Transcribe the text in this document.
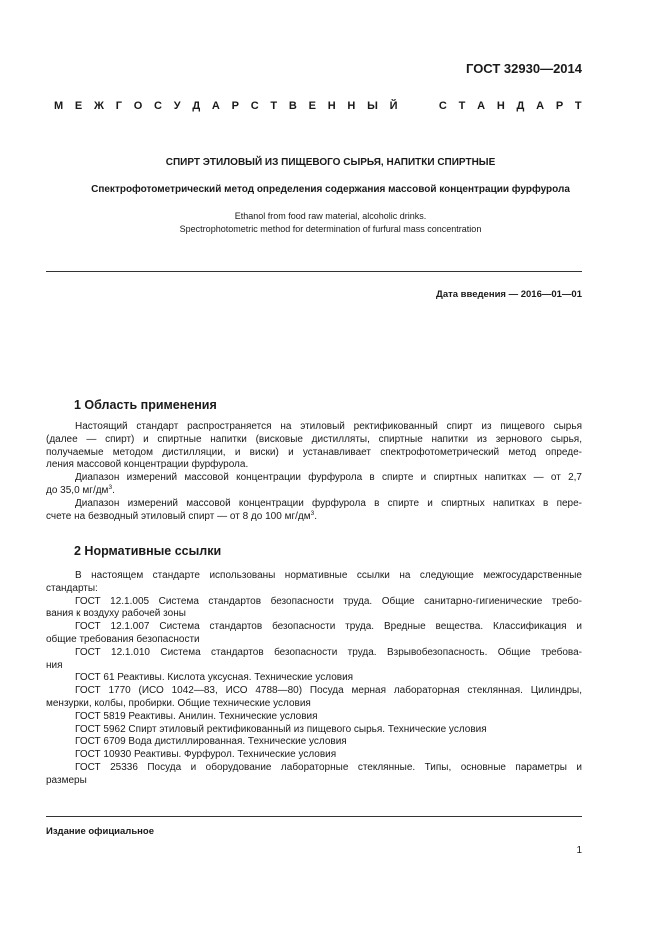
ГОСТ 32930—2014
М Е Ж Г О С У Д А Р С Т В Е Н Н Ы Й

	С Т А Н Д А Р Т
СПИРТ ЭТИЛОВЫЙ ИЗ ПИЩЕВОГО СЫРЬЯ, НАПИТКИ СПИРТНЫЕ
Спектрофотометрический метод определения содержания массовой концентрации фурфурола
Ethanol from food raw material, alcoholic drinks.
Spectrophotometric method for determination of furfural mass concentration
Дата введения — 2016—01—01
1 Область применения
Настоящий стандарт распространяется на этиловый ректификованный спирт из пищевого сырья
(далее — спирт) и спиртные напитки (висковые дистилляты, спиртные напитки из зернового сырья,
получаемые методом дистилляции, и виски) и устанавливает спектрофотометрический метод опреде-
ления массовой концентрации фурфурола.
Диапазон измерений массовой концентрации фурфурола в спирте и спиртных напитках — от 2,7
до 35,0 $мг/дм^3$.
Диапазон измерений массовой концентрации фурфурола в спирте и спиртных напитках в пере-
счете на безводный этиловый спирт — от 8 до 100 $мг/дм^3$.
2 Нормативные ссылки
В настоящем стандарте использованы нормативные ссылки на следующие межгосударственные
стандарты:
ГОСТ 12.1.005 Система стандартов безопасности труда. Общие санитарно-гигиенические требо-
вания к воздуху рабочей зоны
ГОСТ 12.1.007 Система стандартов безопасности труда. Вредные вещества. Классификация и
общие требования безопасности
ГОСТ 12.1.010 Система стандартов безопасности труда. Взрывобезопасность. Общие требова-
ния
ГОСТ 61 Реактивы. Кислота уксусная. Технические условия
ГОСТ 1770 (ИСО 1042—83, ИСО 4788—80) Посуда мерная лабораторная стеклянная. Цилиндры,
мензурки, колбы, пробирки. Общие технические условия
ГОСТ 5819 Реактивы. Анилин. Технические условия
ГОСТ 5962 Спирт этиловый ректификованный из пищевого сырья. Технические условия
ГОСТ 6709 Вода дистиллированная. Технические условия
ГОСТ 10930 Реактивы. Фурфурол. Технические условия
ГОСТ 25336 Посуда и оборудование лабораторные стеклянные. Типы, основные параметры и
размеры
Издание официальное
1
